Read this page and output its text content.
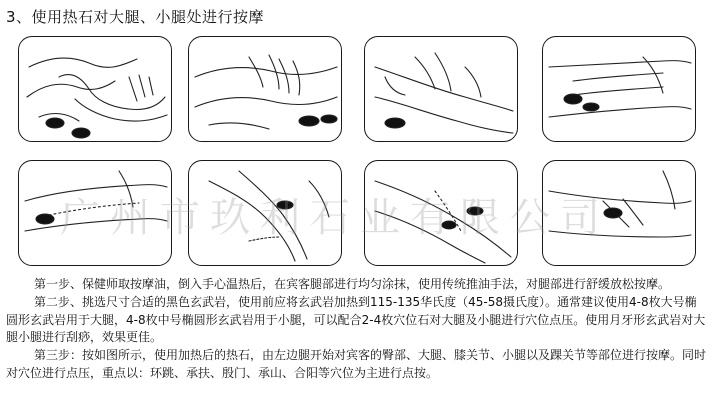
3、使用热石对大腿、小腿处进行按摩
广州市玖利石业有限公司

第一步、保健师取按摩油，倒入手心温热后，在宾客腿部进行均匀涂抹，使用传统推油手法，对腿部进行舒缓放松按摩。

第二步、挑选尺寸合适的黑色玄武岩，使用前应将玄武岩加热到115-135华氏度（45-58摄氏度）。通常建议使用4-8枚大号椭圆形玄武岩用于大腿，4-8枚中号椭圆形玄武岩用于小腿，可以配合2-4枚穴位石对大腿及小腿进行穴位点压。使用月牙形玄武岩对大腿小腿进行刮痧，效果更佳。

第三步：按如图所示，使用加热后的热石，由左边腿开始对宾客的臀部、大腿、膝关节、小腿以及踝关节等部位进行按摩。同时对穴位进行点压，重点以：环跳、承扶、殷门、承山、合阳等穴位为主进行点按。
